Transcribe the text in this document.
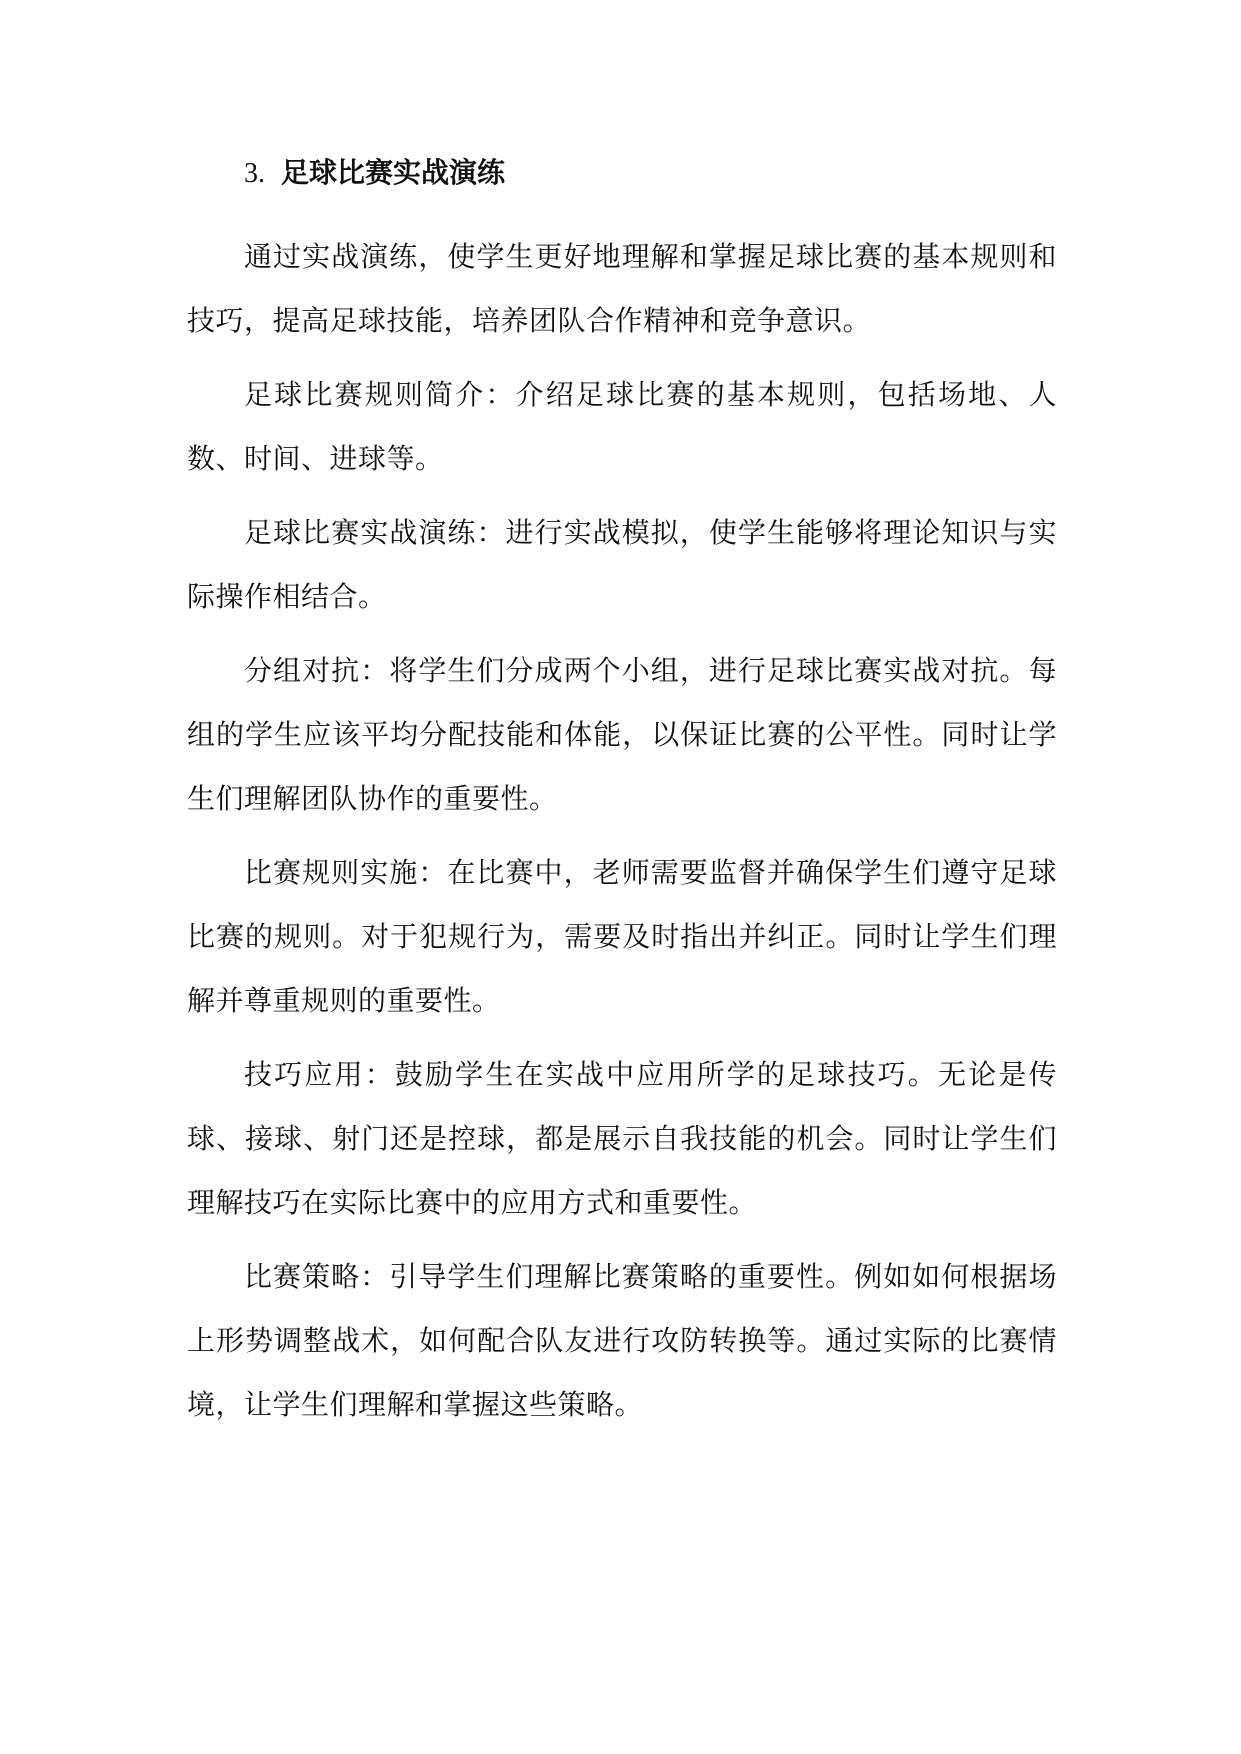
3. 足球比赛实战演练

通过实战演练，使学生更好地理解和掌握足球比赛的基本规则和技巧，提高足球技能，培养团队合作精神和竞争意识。

足球比赛规则简介：介绍足球比赛的基本规则，包括场地、人数、时间、进球等。

足球比赛实战演练：进行实战模拟，使学生能够将理论知识与实际操作相结合。

分组对抗：将学生们分成两个小组，进行足球比赛实战对抗。每组的学生应该平均分配技能和体能，以保证比赛的公平性。同时让学生们理解团队协作的重要性。

比赛规则实施：在比赛中，老师需要监督并确保学生们遵守足球比赛的规则。对于犯规行为，需要及时指出并纠正。同时让学生们理解并尊重规则的重要性。

技巧应用：鼓励学生在实战中应用所学的足球技巧。无论是传球、接球、射门还是控球，都是展示自我技能的机会。同时让学生们理解技巧在实际比赛中的应用方式和重要性。

比赛策略：引导学生们理解比赛策略的重要性。例如如何根据场上形势调整战术，如何配合队友进行攻防转换等。通过实际的比赛情境，让学生们理解和掌握这些策略。
